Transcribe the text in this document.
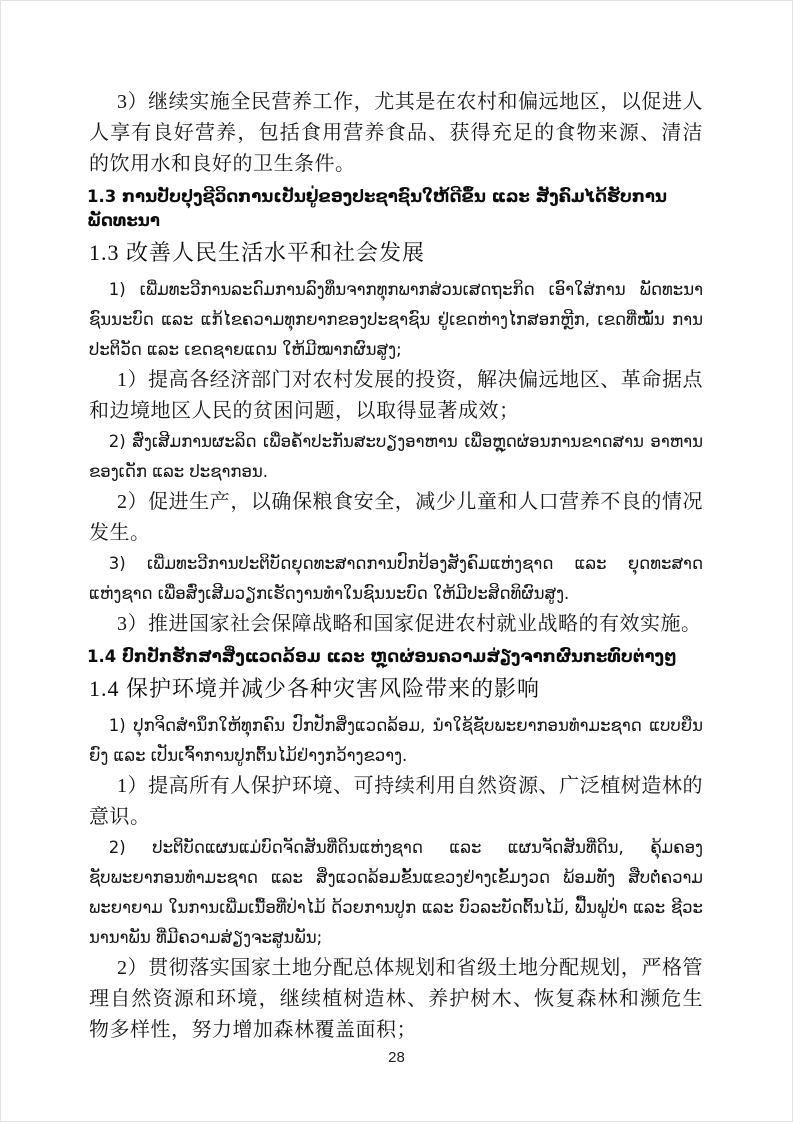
3）继续实施全民营养工作，尤其是在农村和偏远地区，以促进人人享有良好营养，包括食用营养食品、获得充足的食物来源、清洁的饮用水和良好的卫生条件。
1.3 ການປັບປຸງຊີວິດການເປັນຢູ່ຂອງປະຊາຊົນໃຫ້ດີຂຶ້ນ ແລະ ສັງຄົມໄດ້ຮັບການພັດທະນາ
1.3 改善人民生活水平和社会发展
1) ເພີ່ມທະວີການລະດົມການລົງທຶນຈາກທຸກພາກສ່ວນເສດຖະກິດ ເອົາໃສ່ການ ພັດທະນາຊົນນະບົດ ແລະ ແກ້ໄຂຄວາມທຸກຍາກຂອງປະຊາຊົນ ຢູ່ເຂດຫ່າງໄກສອກຫຼີກ, ເຂດທີ່ໝັ້ນ ການປະຕິວັດ ແລະ ເຂດຊາຍແດນ ໃຫ້ມີໝາກຜົນສູງ;
1）提高各经济部门对农村发展的投资，解决偏远地区、革命据点和边境地区人民的贫困问题，以取得显著成效；
2) ສົ່ງເສີມການຜະລິດ ເພື່ອຄໍ້າປະກັນສະບຽງອາຫານ ເພື່ອຫຼຸດຜ່ອນການຂາດສານ ອາຫານ ຂອງເດັກ ແລະ ປະຊາກອນ.
2）促进生产，以确保粮食安全，减少儿童和人口营养不良的情况发生。
3) ເພີ່ມທະວີການປະຕິບັດຍຸດທະສາດການປົກປ້ອງສັງຄົມແຫ່ງຊາດ ແລະ ຍຸດທະສາດ ແຫ່ງຊາດ ເພື່ອສົ່ງເສີມວຽກເຮັດງານທຳໃນຊົນນະບົດ ໃຫ້ມີປະສິດທິຜົນສູງ.
3）推进国家社会保障战略和国家促进农村就业战略的有效实施。
1.4 ປົກປັກຮັກສາສິ່ງແວດລ້ອມ ແລະ ຫຼຸດຜ່ອນຄວາມສ່ຽງຈາກຜົນກະທົບຕ່າງໆ
1.4 保护环境并减少各种灾害风险带来的影响
1) ປຸກຈິດສຳນຶກໃຫ້ທຸກຄົນ ປົກປັກສິ່ງແວດລ້ອມ, ນຳໃຊ້ຊັບພະຍາກອນທຳມະຊາດ ແບບຍືນຍົງ ແລະ ເປັນເຈົ້າການປູກຕົ້ນໄມ້ຢ່າງກວ້າງຂວາງ.
1）提高所有人保护环境、可持续利用自然资源、广泛植树造林的意识。
2) ປະຕິບັດແຜນແມ່ບົດຈັດສັນທີ່ດິນແຫ່ງຊາດ ແລະ ແຜນຈັດສັນທີ່ດິນ, ຄຸ້ມຄອງ ຊັບພະຍາກອນທຳມະຊາດ ແລະ ສິ່ງແວດລ້ອມຂັ້ນແຂວງຢ່າງເຂັ້ມງວດ ພ້ອມທັງ ສືບຕໍ່ຄວາມພະຍາຍາມ ໃນການເພີ່ມເນື້ອທີ່ປ່າໄມ້ ດ້ວຍການປູກ ແລະ ບົວລະບັດຕົ້ນໄມ້, ຟື້ນຟູປ່າ ແລະ ຊີວະນານາພັນ ທີ່ມີຄວາມສ່ຽງຈະສູນພັນ;
2）贯彻落实国家土地分配总体规划和省级土地分配规划，严格管理自然资源和环境，继续植树造林、养护树木、恢复森林和濒危生物多样性，努力增加森林覆盖面积；
28
